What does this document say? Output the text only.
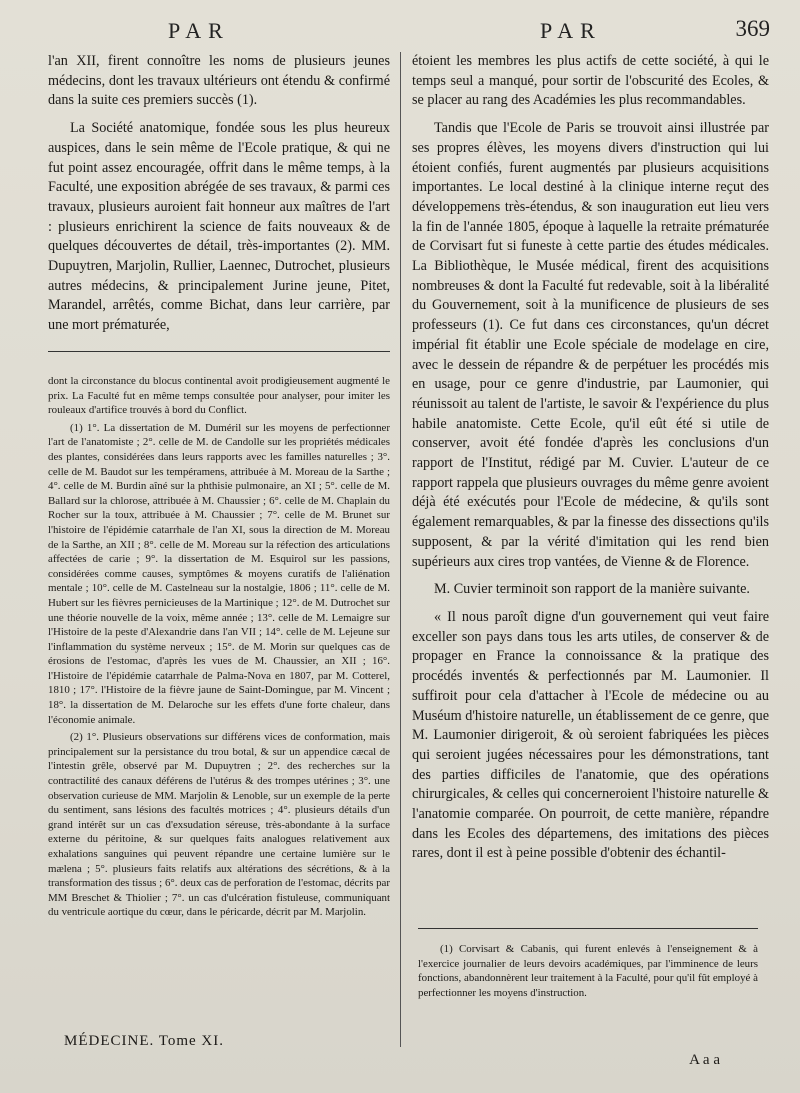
PAR	PAR	369

l'an XII, firent connoître les noms de plusieurs jeunes médecins, dont les travaux ultérieurs ont étendu & confirmé dans la suite ces premiers succès (1).

La Société anatomique, fondée sous les plus heureux auspices, dans le sein même de l'Ecole pratique, & qui ne fut point assez encouragée, offrit dans le même temps, à la Faculté, une exposition abrégée de ses travaux, & parmi ces travaux, plusieurs auroient fait honneur aux maîtres de l'art : plusieurs enrichirent la science de faits nouveaux & de quelques découvertes de détail, très-importantes (2). MM. Dupuytren, Marjolin, Rullier, Laennec, Dutrochet, plusieurs autres médecins, & principalement Jurine jeune, Pitet, Marandel, arrêtés, comme Bichat, dans leur carrière, par une mort prématurée,

dont la circonstance du blocus continental avoit prodigieusement augmenté le prix. La Faculté fut en même temps consultée pour analyser, pour imiter les rouleaux d'artifice trouvés à bord du Conflict.

(1) 1°. La dissertation de M. Duméril sur les moyens de perfectionner l'art de l'anatomiste ; 2°. celle de M. de Candolle sur les propriétés médicales des plantes, considérées dans leurs rapports avec les familles naturelles ; 3°. celle de M. Baudot sur les tempéramens, attribuée à M. Moreau de la Sarthe ; 4°. celle de M. Burdin aîné sur la phthisie pulmonaire, an XI ; 5°. celle de M. Ballard sur la chlorose, attribuée à M. Chaussier ; 6°. celle de M. Chaplain du Rocher sur la toux, attribuée à M. Chaussier ; 7°. celle de M. Brunet sur l'histoire de l'épidémie catarrhale de l'an XI, sous la direction de M. Moreau de la Sarthe, an XII ; 8°. celle de M. Moreau sur la réfection des articulations affectées de carie ; 9°. la dissertation de M. Esquirol sur les passions, considérées comme causes, symptômes & moyens curatifs de l'aliénation mentale ; 10°. celle de M. Castelneau sur la nostalgie, 1806 ; 11°. celle de M. Hubert sur les fièvres pernicieuses de la Martinique ; 12°. de M. Dutrochet sur une théorie nouvelle de la voix, même année ; 13°. celle de M. Lemaigre sur l'Histoire de la peste d'Alexandrie dans l'an VII ; 14°. celle de M. Lejeune sur l'inflammation du système nerveux ; 15°. de M. Morin sur quelques cas de érosions de l'estomac, d'après les vues de M. Chaussier, an XII ; 16°. l'Histoire de l'épidémie catarrhale de Palma-Nova en 1807, par M. Cotterel, 1810 ; 17°. l'Histoire de la fièvre jaune de Saint-Domingue, par M. Vincent ; 18°. la dissertation de M. Delaroche sur les effets d'une forte chaleur, dans l'économie animale.

(2) 1°. Plusieurs observations sur différens vices de conformation, mais principalement sur la persistance du trou botal, & sur un appendice cæcal de l'intestin grêle, observé par M. Dupuytren ; 2°. des recherches sur la contractilité des canaux déférens de l'utérus & des trompes utérines ; 3°. une observation curieuse de MM. Marjolin & Lenoble, sur un exemple de la perte du sentiment, sans lésions des facultés motrices ; 4°. plusieurs détails d'un grand intérêt sur un cas d'exsudation séreuse, très-abondante à la surface externe du péritoine, & sur quelques faits analogues relativement aux exhalations sanguines qui peuvent répandre une certaine lumière sur le mælena ; 5°. plusieurs faits relatifs aux altérations des sécrétions, & à la transformation des tissus ; 6°. deux cas de perforation de l'estomac, décrits par MM Breschet & Thiolier ; 7°. un cas d'ulcération fistuleuse, communiquant du ventricule aortique du cœur, dans le péricarde, décrit par M. Marjolin.

MÉDECINE. Tome XI.

étoient les membres les plus actifs de cette société, à qui le temps seul a manqué, pour sortir de l'obscurité des Ecoles, & se placer au rang des Académies les plus recommandables.

Tandis que l'Ecole de Paris se trouvoit ainsi illustrée par ses propres élèves, les moyens divers d'instruction qui lui étoient confiés, furent augmentés par plusieurs acquisitions importantes. Le local destiné à la clinique interne reçut des développemens très-étendus, & son inauguration eut lieu vers la fin de l'année 1805, époque à laquelle la retraite prématurée de Corvisart fut si funeste à cette partie des études médicales. La Bibliothèque, le Musée médical, firent des acquisitions nombreuses & dont la Faculté fut redevable, soit à la libéralité du Gouvernement, soit à la munificence de plusieurs de ses professeurs (1). Ce fut dans ces circonstances, qu'un décret impérial fit établir une Ecole spéciale de modelage en cire, avec le dessein de répandre & de perpétuer les procédés mis en usage, pour ce genre d'industrie, par Laumonier, qui réunissoit au talent de l'artiste, le savoir & l'expérience du plus habile anatomiste. Cette Ecole, qu'il eût été si utile de conserver, avoit été fondée d'après les conclusions d'un rapport de l'Institut, rédigé par M. Cuvier. L'auteur de ce rapport rappela que plusieurs ouvrages du même genre avoient déjà été exécutés pour l'Ecole de médecine, & qu'ils sont également remarquables, & par la finesse des dissections qu'ils supposent, & par la vérité d'imitation qui les rend bien supérieurs aux cires trop vantées, de Vienne & de Florence.

M. Cuvier terminoit son rapport de la manière suivante.

« Il nous paroît digne d'un gouvernement qui veut faire exceller son pays dans tous les arts utiles, de conserver & de propager en France la connoissance & la pratique des procédés inventés & perfectionnés par M. Laumonier. Il suffiroit pour cela d'attacher à l'Ecole de médecine ou au Muséum d'histoire naturelle, un établissement de ce genre, que M. Laumonier dirigeroit, & où seroient fabriquées les pièces qui seroient jugées nécessaires pour les démonstrations, tant des parties difficiles de l'anatomie, que des opérations chirurgicales, & celles qui concerneroient l'histoire naturelle & l'anatomie comparée. On pourroit, de cette manière, répandre dans les Ecoles des départemens, des imitations des pièces rares, dont il est à peine possible d'obtenir des échantil-

(1) Corvisart & Cabanis, qui furent enlevés à l'enseignement & à l'exercice journalier de leurs devoirs académiques, par l'imminence de leurs fonctions, abandonnèrent leur traitement à la Faculté, pour qu'il fût employé à perfectionner les moyens d'instruction.

A a a
